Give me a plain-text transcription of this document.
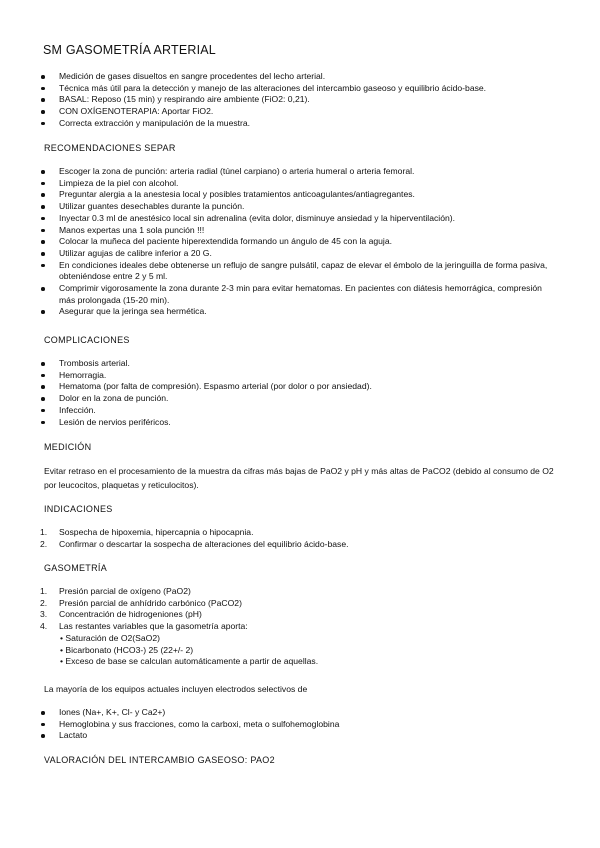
SM GASOMETRÍA ARTERIAL
Medición de gases disueltos en sangre procedentes del lecho arterial.
Técnica más útil para la detección y manejo de las alteraciones del intercambio gaseoso y equilibrio ácido-base.
BASAL: Reposo (15 min) y respirando aire ambiente (FiO2: 0,21).
CON OXÍGENOTERAPIA: Aportar FiO2.
Correcta extracción y manipulación de la muestra.
RECOMENDACIONES SEPAR
Escoger la zona de punción: arteria radial (túnel carpiano) o arteria humeral o arteria femoral.
Limpieza de la piel con alcohol.
Preguntar alergia a la anestesia local y posibles tratamientos anticoagulantes/antiagregantes.
Utilizar guantes desechables durante la punción.
Inyectar 0.3 ml de anestésico local sin adrenalina (evita dolor, disminuye ansiedad y la hiperventilación).
Manos expertas una 1 sola punción !!!
Colocar la muñeca del paciente hiperextendida formando un ángulo de 45 con la aguja.
Utilizar agujas de calibre inferior a 20 G.
En condiciones ideales debe obtenerse un reflujo de sangre pulsátil, capaz de elevar el émbolo de la jeringuilla de forma pasiva, obteniéndose entre 2 y 5 ml.
Comprimir vigorosamente la zona durante 2-3 min para evitar hematomas. En pacientes con diátesis hemorrágica, compresión más prolongada (15-20 min).
Asegurar que la jeringa sea hermética.
COMPLICACIONES
Trombosis arterial.
Hemorragia.
Hematoma (por falta de compresión). Espasmo arterial (por dolor o por ansiedad).
Dolor en la zona de punción.
Infección.
Lesión de nervios periféricos.
MEDICIÓN
Evitar retraso en el procesamiento de la muestra da cifras más bajas de PaO2 y pH y más altas de PaCO2 (debido al consumo de O2 por leucocitos, plaquetas y reticulocitos).
INDICACIONES
1. Sospecha de hipoxemia, hipercapnia o hipocapnia.
2. Confirmar o descartar la sospecha de alteraciones del equilibrio ácido-base.
GASOMETRÍA
1. Presión parcial de oxígeno (PaO2)
2. Presión parcial de anhídrido carbónico (PaCO2)
3. Concentración de hidrogeniones (pH)
4. Las restantes variables que la gasometría aporta:
• Saturación de O2(SaO2)
• Bicarbonato (HCO3-) 25 (22+/- 2)
• Exceso de base se calculan automáticamente a partir de aquellas.
La mayoría de los equipos actuales incluyen electrodos selectivos de
Iones (Na+, K+, Cl- y Ca2+)
Hemoglobina y sus fracciones, como la carboxi, meta o sulfohemoglobina
Lactato
VALORACIÓN DEL INTERCAMBIO GASEOSO: PAO2
